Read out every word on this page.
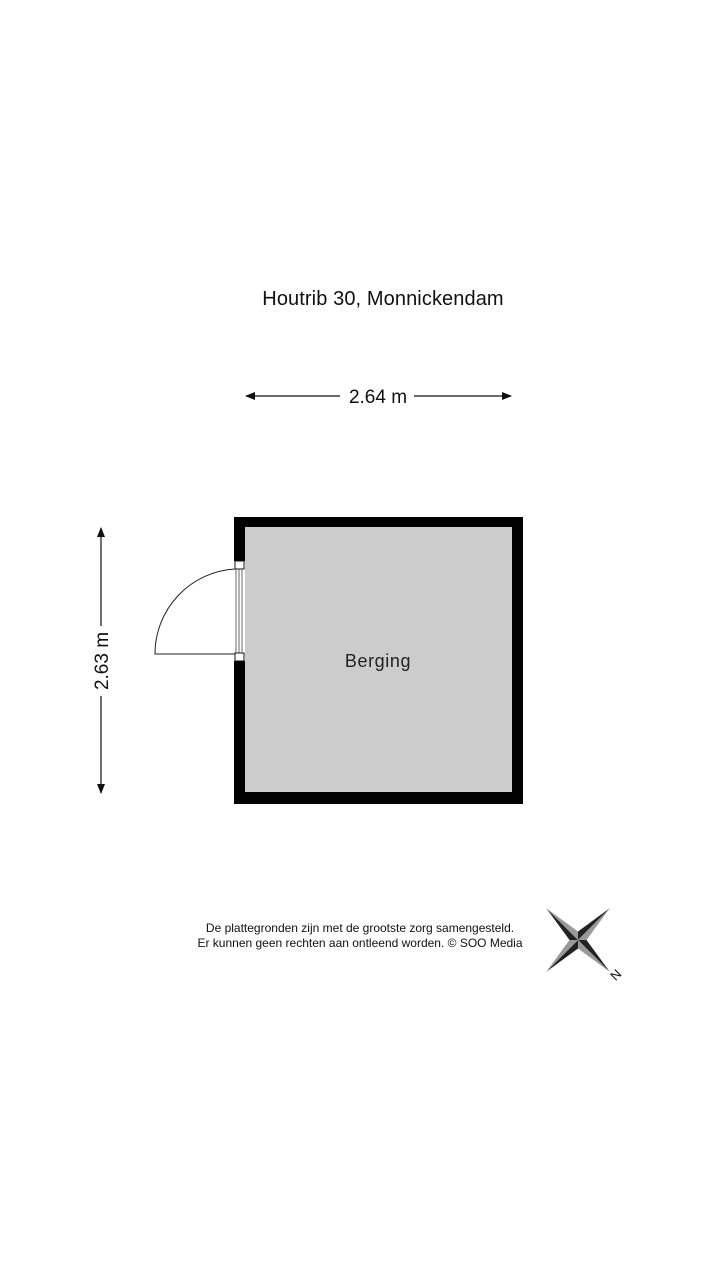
Houtrib 30, Monnickendam
2.64 m
2.63 m	Berging
N
De plattegronden zijn met de grootste zorg samengesteld.
Er kunnen geen rechten aan ontleend worden. © SOO Media
